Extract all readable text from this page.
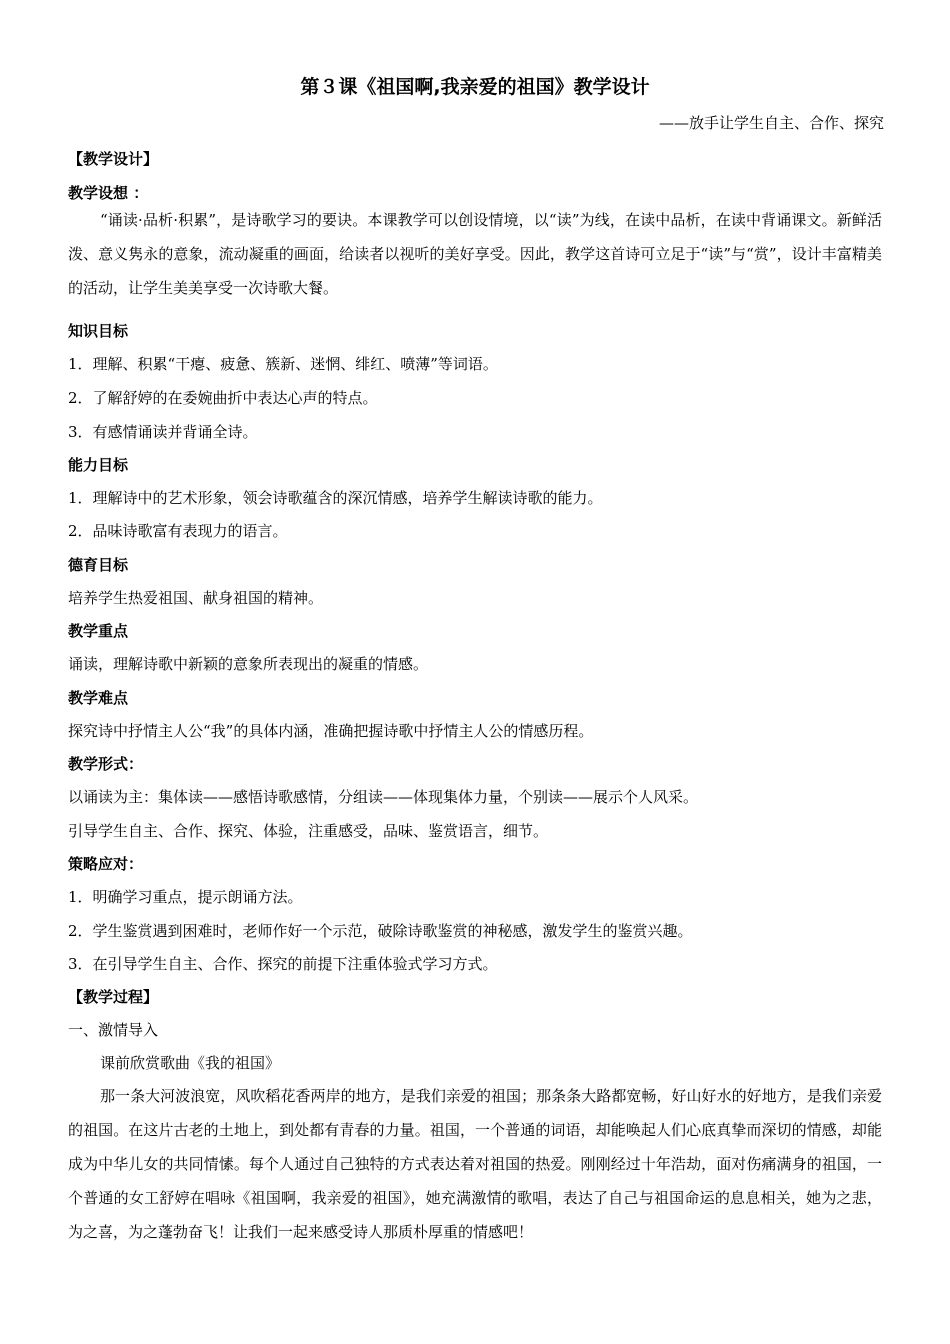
第３课《祖国啊,我亲爱的祖国》教学设计
——放手让学生自主、合作、探究
【教学设计】
教学设想 ：

“诵读·品析·积累”，是诗歌学习的要诀。本课教学可以创设情境，以“读”为线，在读中品析，在读中背诵课文。新鲜活泼、意义隽永的意象，流动凝重的画面，给读者以视听的美好享受。因此，教学这首诗可立足于“读”与“赏”，设计丰富精美的活动，让学生美美享受一次诗歌大餐。

知识目标
1．理解、积累“干瘪、疲惫、簇新、迷惘、绯红、喷薄”等词语。
2．了解舒婷的在委婉曲折中表达心声的特点。
3．有感情诵读并背诵全诗。
能力目标
1．理解诗中的艺术形象，领会诗歌蕴含的深沉情感，培养学生解读诗歌的能力。
2．品味诗歌富有表现力的语言。
德育目标
培养学生热爱祖国、献身祖国的精神。
教学重点
诵读，理解诗歌中新颖的意象所表现出的凝重的情感。
教学难点
探究诗中抒情主人公“我”的具体内涵，准确把握诗歌中抒情主人公的情感历程。
教学形式：
以诵读为主：集体读——感悟诗歌感情，分组读——体现集体力量，个别读——展示个人风采。
引导学生自主、合作、探究、体验，注重感受，品味、鉴赏语言，细节。
策略应对：
1．明确学习重点，提示朗诵方法。
2．学生鉴赏遇到困难时，老师作好一个示范，破除诗歌鉴赏的神秘感，激发学生的鉴赏兴趣。
3．在引导学生自主、合作、探究的前提下注重体验式学习方式。
【教学过程】
一、激情导入
课前欣赏歌曲《我的祖国》

那一条大河波浪宽，风吹稻花香两岸的地方，是我们亲爱的祖国；那条条大路都宽畅，好山好水的好地方，是我们亲爱的祖国。在这片古老的土地上，到处都有青春的力量。祖国，一个普通的词语，却能唤起人们心底真挚而深切的情感，却能成为中华儿女的共同情愫。每个人通过自己独特的方式表达着对祖国的热爱。刚刚经过十年浩劫，面对伤痛满身的祖国，一个普通的女工舒婷在唱咏《祖国啊，我亲爱的祖国》，她充满激情的歌唱，表达了自己与祖国命运的息息相关，她为之悲，为之喜，为之蓬勃奋飞！让我们一起来感受诗人那质朴厚重的情感吧！
